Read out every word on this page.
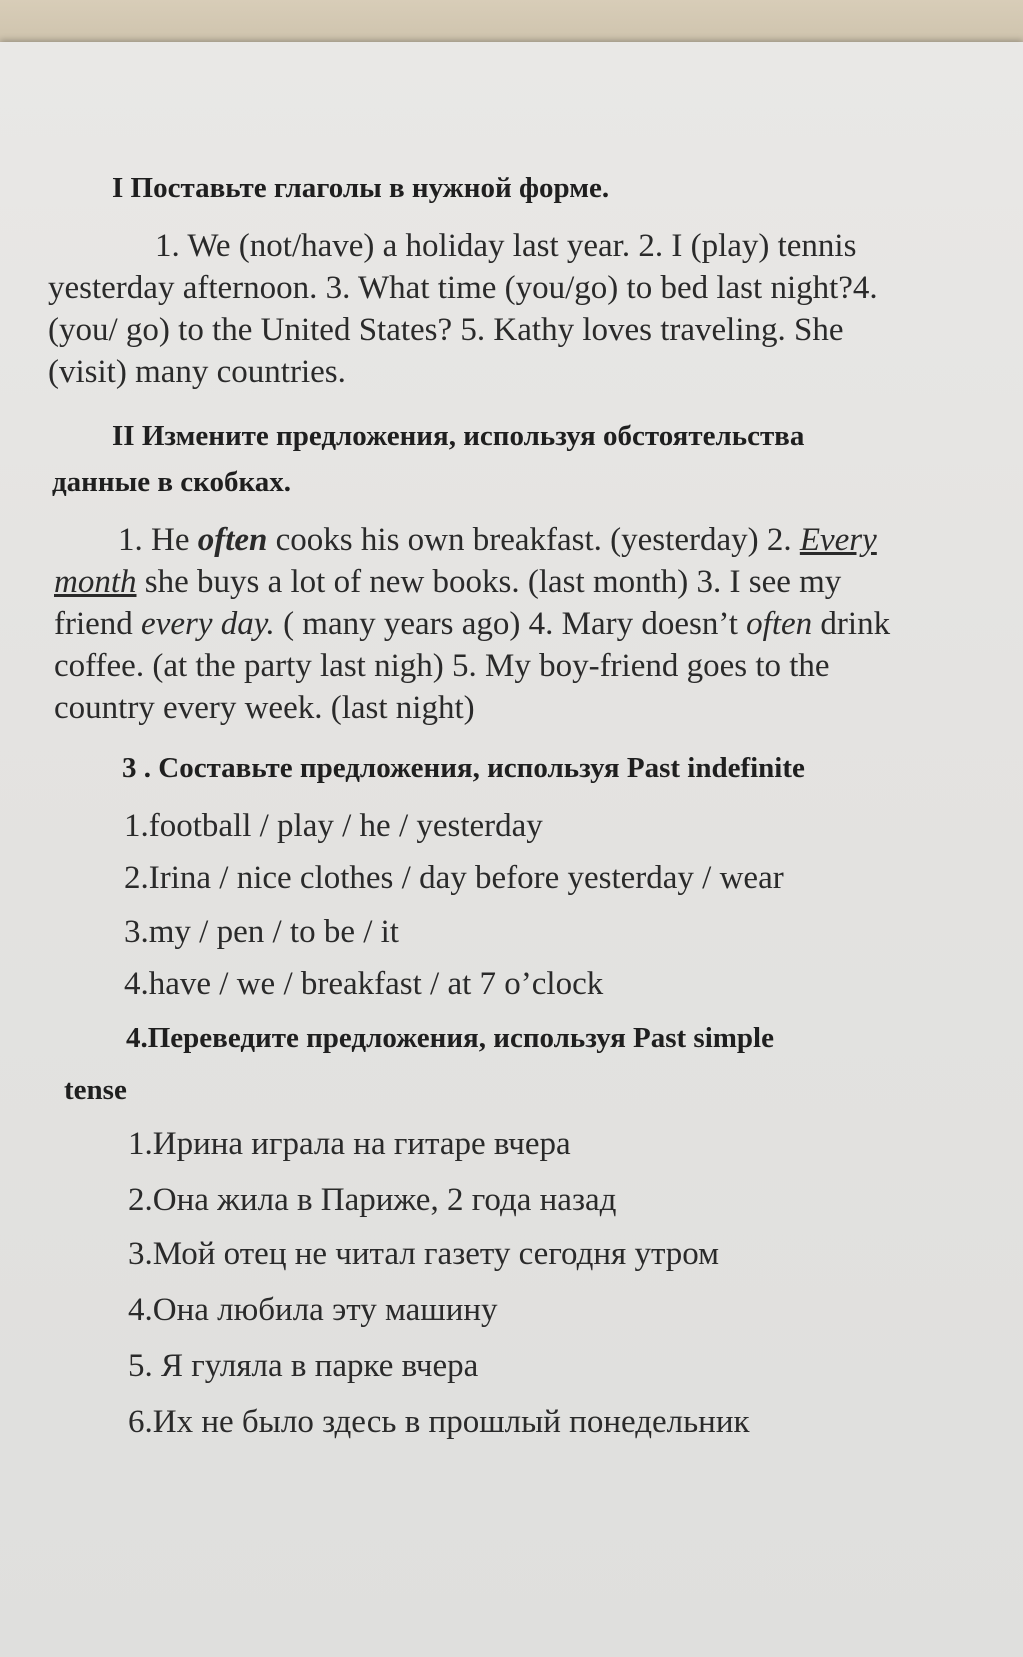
I Поставьте глаголы в нужной форме.

1. We (not/have) a holiday last year. 2. I (play) tennis

yesterday afternoon. 3. What time (you/go) to bed last night?4.

(you/ go) to the United States? 5. Kathy loves traveling. She

(visit) many countries.

II Измените предложения, используя обстоятельства

данные в скобках.

1. He often cooks his own breakfast. (yesterday) 2. Every

month she buys a lot of new books. (last month) 3. I see my

friend every day. ( many years ago) 4. Mary doesn’t often drink

coffee. (at the party last nigh) 5. My boy-friend goes to the

country every week. (last night)

3 . Составьте предложения, используя Past indefinite

1.football / play / he / yesterday

2.Irina / nice clothes / day before yesterday / wear

3.my / pen / to be / it

4.have / we / breakfast / at 7 o’clock

4.Переведите предложения, используя Past simple

tense

1.Ирина играла на гитаре вчера

2.Она жила в Париже, 2 года назад

3.Мой отец не читал газету сегодня утром

4.Она любила эту машину

5. Я гуляла в парке вчера

6.Их не было здесь в прошлый понедельник
